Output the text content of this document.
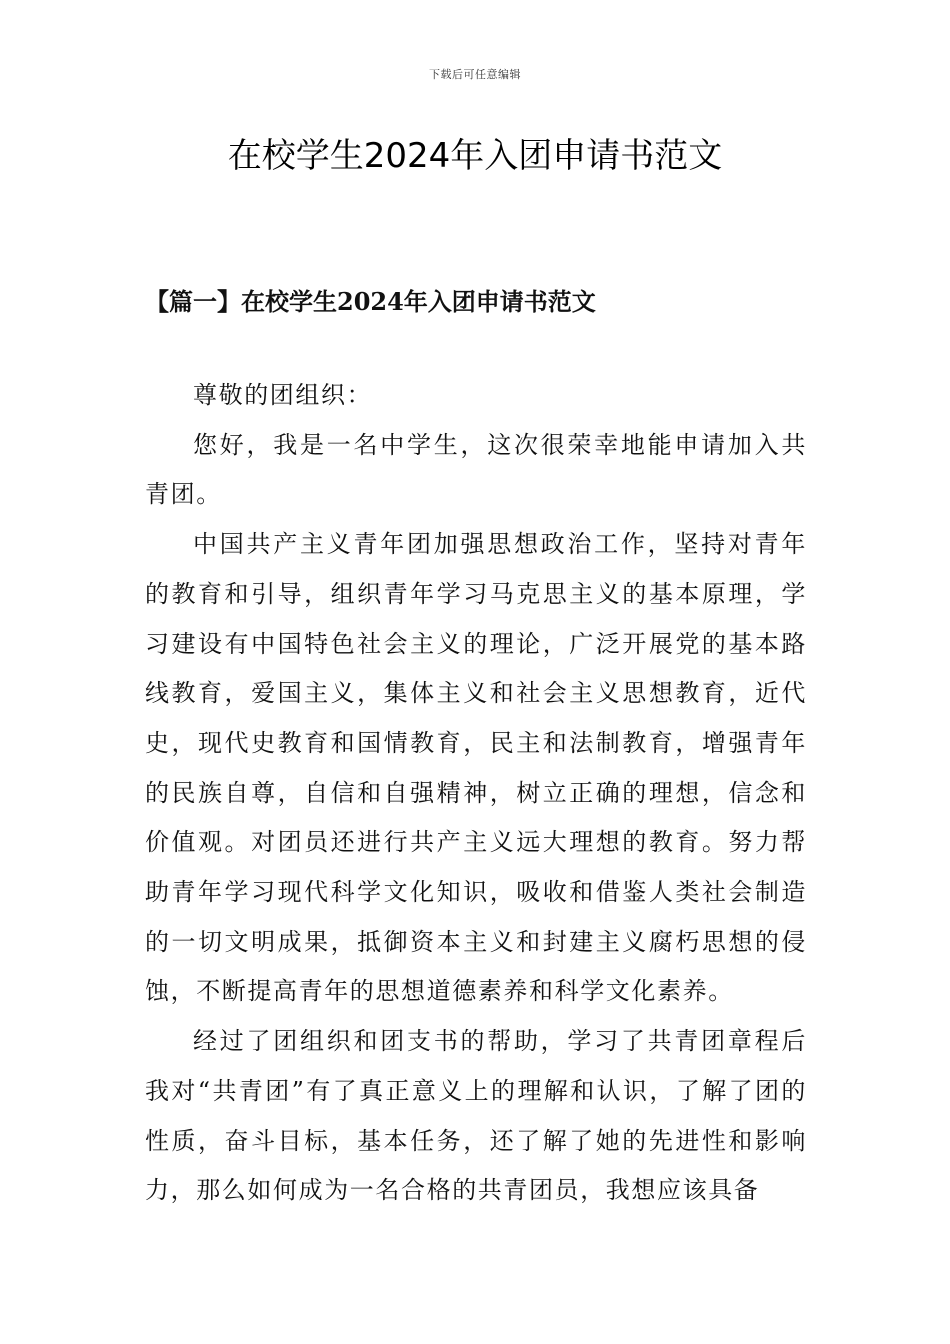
下载后可任意编辑
在校学生2024年入团申请书范文
【篇一】在校学生2024年入团申请书范文

尊敬的团组织：

您好，我是一名中学生，这次很荣幸地能申请加入共青团。

中国共产主义青年团加强思想政治工作，坚持对青年的教育和引导，组织青年学习马克思主义的基本原理，学习建设有中国特色社会主义的理论，广泛开展党的基本路线教育，爱国主义，集体主义和社会主义思想教育，近代史，现代史教育和国情教育，民主和法制教育，增强青年的民族自尊，自信和自强精神，树立正确的理想，信念和价值观。对团员还进行共产主义远大理想的教育。努力帮助青年学习现代科学文化知识，吸收和借鉴人类社会制造的一切文明成果，抵御资本主义和封建主义腐朽思想的侵蚀，不断提高青年的思想道德素养和科学文化素养。

经过了团组织和团支书的帮助，学习了共青团章程后我对“共青团”有了真正意义上的理解和认识，了解了团的性质，奋斗目标，基本任务，还了解了她的先进性和影响力，那么如何成为一名合格的共青团员，我想应该具备
